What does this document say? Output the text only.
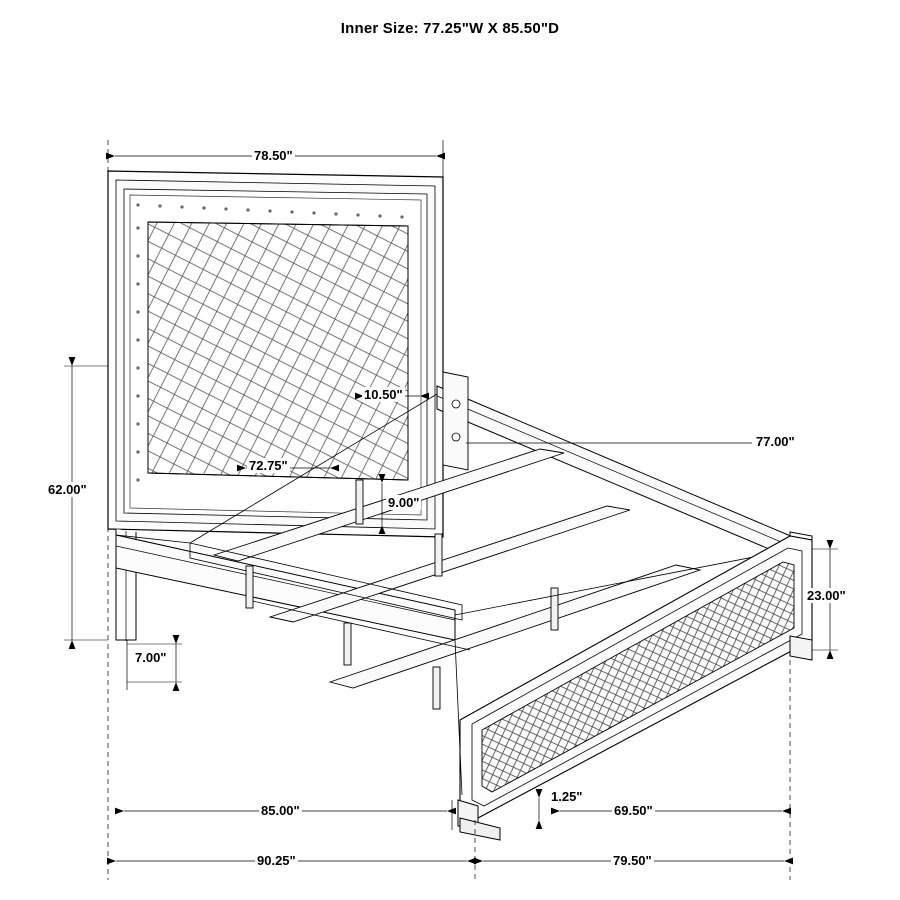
Inner Size: 77.25"W X 85.50"D
78.50"
62.00"
10.50"
72.75"
9.00"
77.00"
23.00"
7.00"
1.25"
85.00"	69.50"
90.25"	79.50"
